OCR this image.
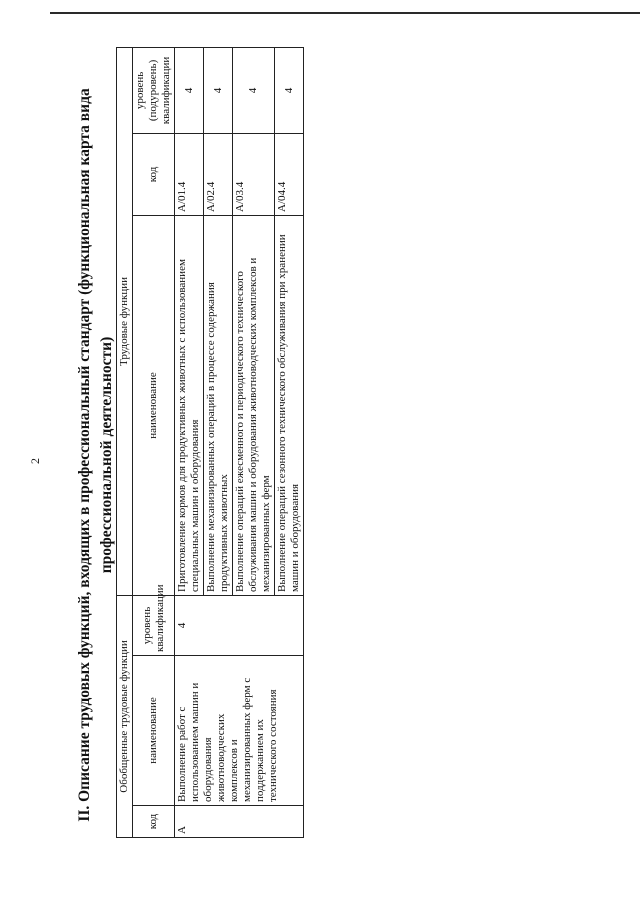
2 II. Описание трудовых функций, входящих в профессиональный стандарт (функциональная карта вида профессиональной деятельности)
Обобщенные трудовые функции			Трудовые функции		
код	наименование	уровень квалификации	наименование	код	уровень (подуровень) квалификации
А	Выполнение работ с использованием машин и оборудования животноводческих комплексов и механизированных ферм с поддержанием их технического состояния	4	Приготовление кормов для продуктивных животных с использованием специальных машин и оборудования	A/01.4	4
			Выполнение механизированных операций в процессе содержания продуктивных животных	A/02.4	4
			Выполнение операций ежесменного и периодического технического обслуживания машин и оборудования животноводческих комплексов и механизированных ферм	A/03.4	4
			Выполнение операций сезонного технического обслуживания при хранении машин и оборудования	A/04.4	4
